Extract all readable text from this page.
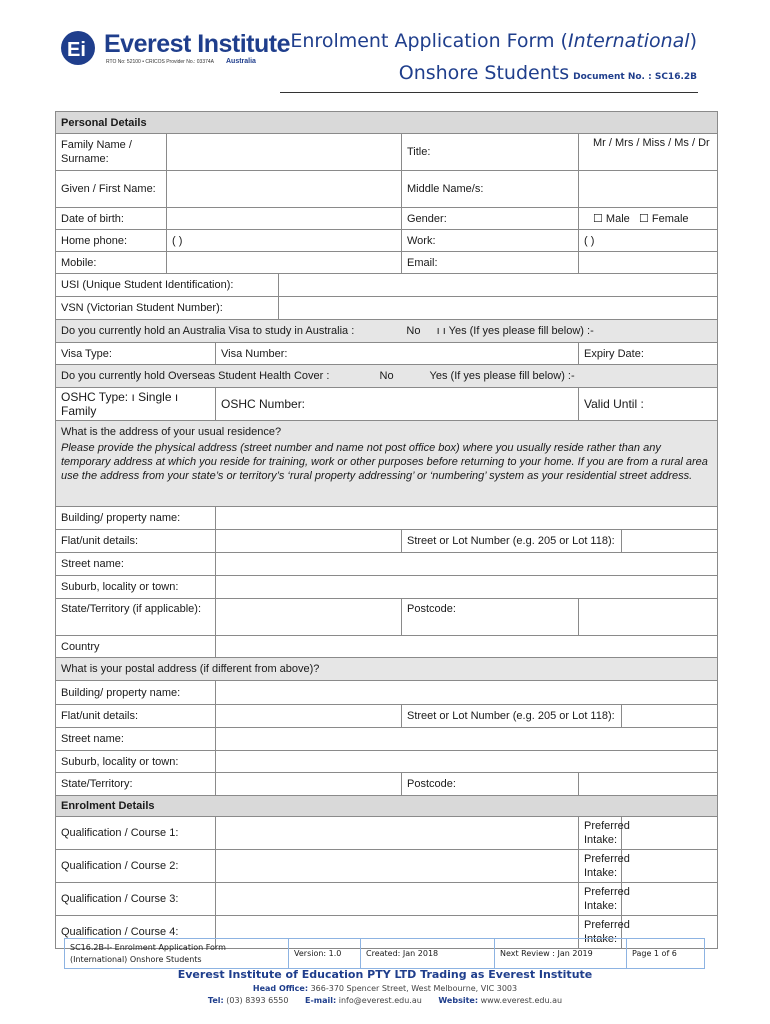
Ei Everest Institute
RTO No: 52100 • CRICOS Provider No.: 03374A Australia
Enrolment Application Form (International)
Onshore Students Document No. : SC16.2B
Personal Details						
Family Name / Surname:				Title:	Mr / Mrs / Miss / Ms / Dr	
Given / First Name:				Middle Name/s:		
Date of birth:				Gender:	☐ Male ☐ Female	
Home phone:	( )			Work:	( )	
Mobile:				Email:		
USI (Unique Student Identification):						
VSN (Victorian Student Number):						
Do you currently hold an Australia Visa to study in Australia : No ı ı Yes (If yes please fill below) :-						
Visa Type:		Visa Number:			Expiry Date:	
Do you currently hold Overseas Student Health Cover : No Yes (If yes please fill below) :-						
OSHC Type: ı Single ı Family		OSHC Number:			Valid Until :	

What is the address of your usual residence?
Please provide the physical address (street number and name not post office box) where you usually reside rather than any temporary address at which you reside for training, work or other purposes before returning to your home. If you are from a rural area use the address from your state’s or territory’s ‘rural property addressing’ or ‘numbering’ system as your residential street address.						

Building/ property name:						
Flat/unit details:				Street or Lot Number (e.g. 205 or Lot 118):		
Street name:						
Suburb, locality or town:						
State/Territory (if applicable):				Postcode:		
Country						
What is your postal address (if different from above)?						
Building/ property name:						
Flat/unit details:				Street or Lot Number (e.g. 205 or Lot 118):		
Street name:						
Suburb, locality or town:						
State/Territory:				Postcode:		
Enrolment Details						
Qualification / Course 1:					Preferred Intake:	
Qualification / Course 2:					Preferred Intake:	
Qualification / Course 3:					Preferred Intake:	
Qualification / Course 4:					Preferred Intake:	
SC16.2B-I- Enrolment Application Form (International) Onshore Students	Version: 1.0	Created: Jan 2018	Next Review : Jan 2019	Page 1 of 6
Everest Institute of Education PTY LTD Trading as Everest Institute
Head Office: 366-370 Spencer Street, West Melbourne, VIC 3003
Tel: (03) 8393 6550 E-mail: info@everest.edu.au Website: www.everest.edu.au
